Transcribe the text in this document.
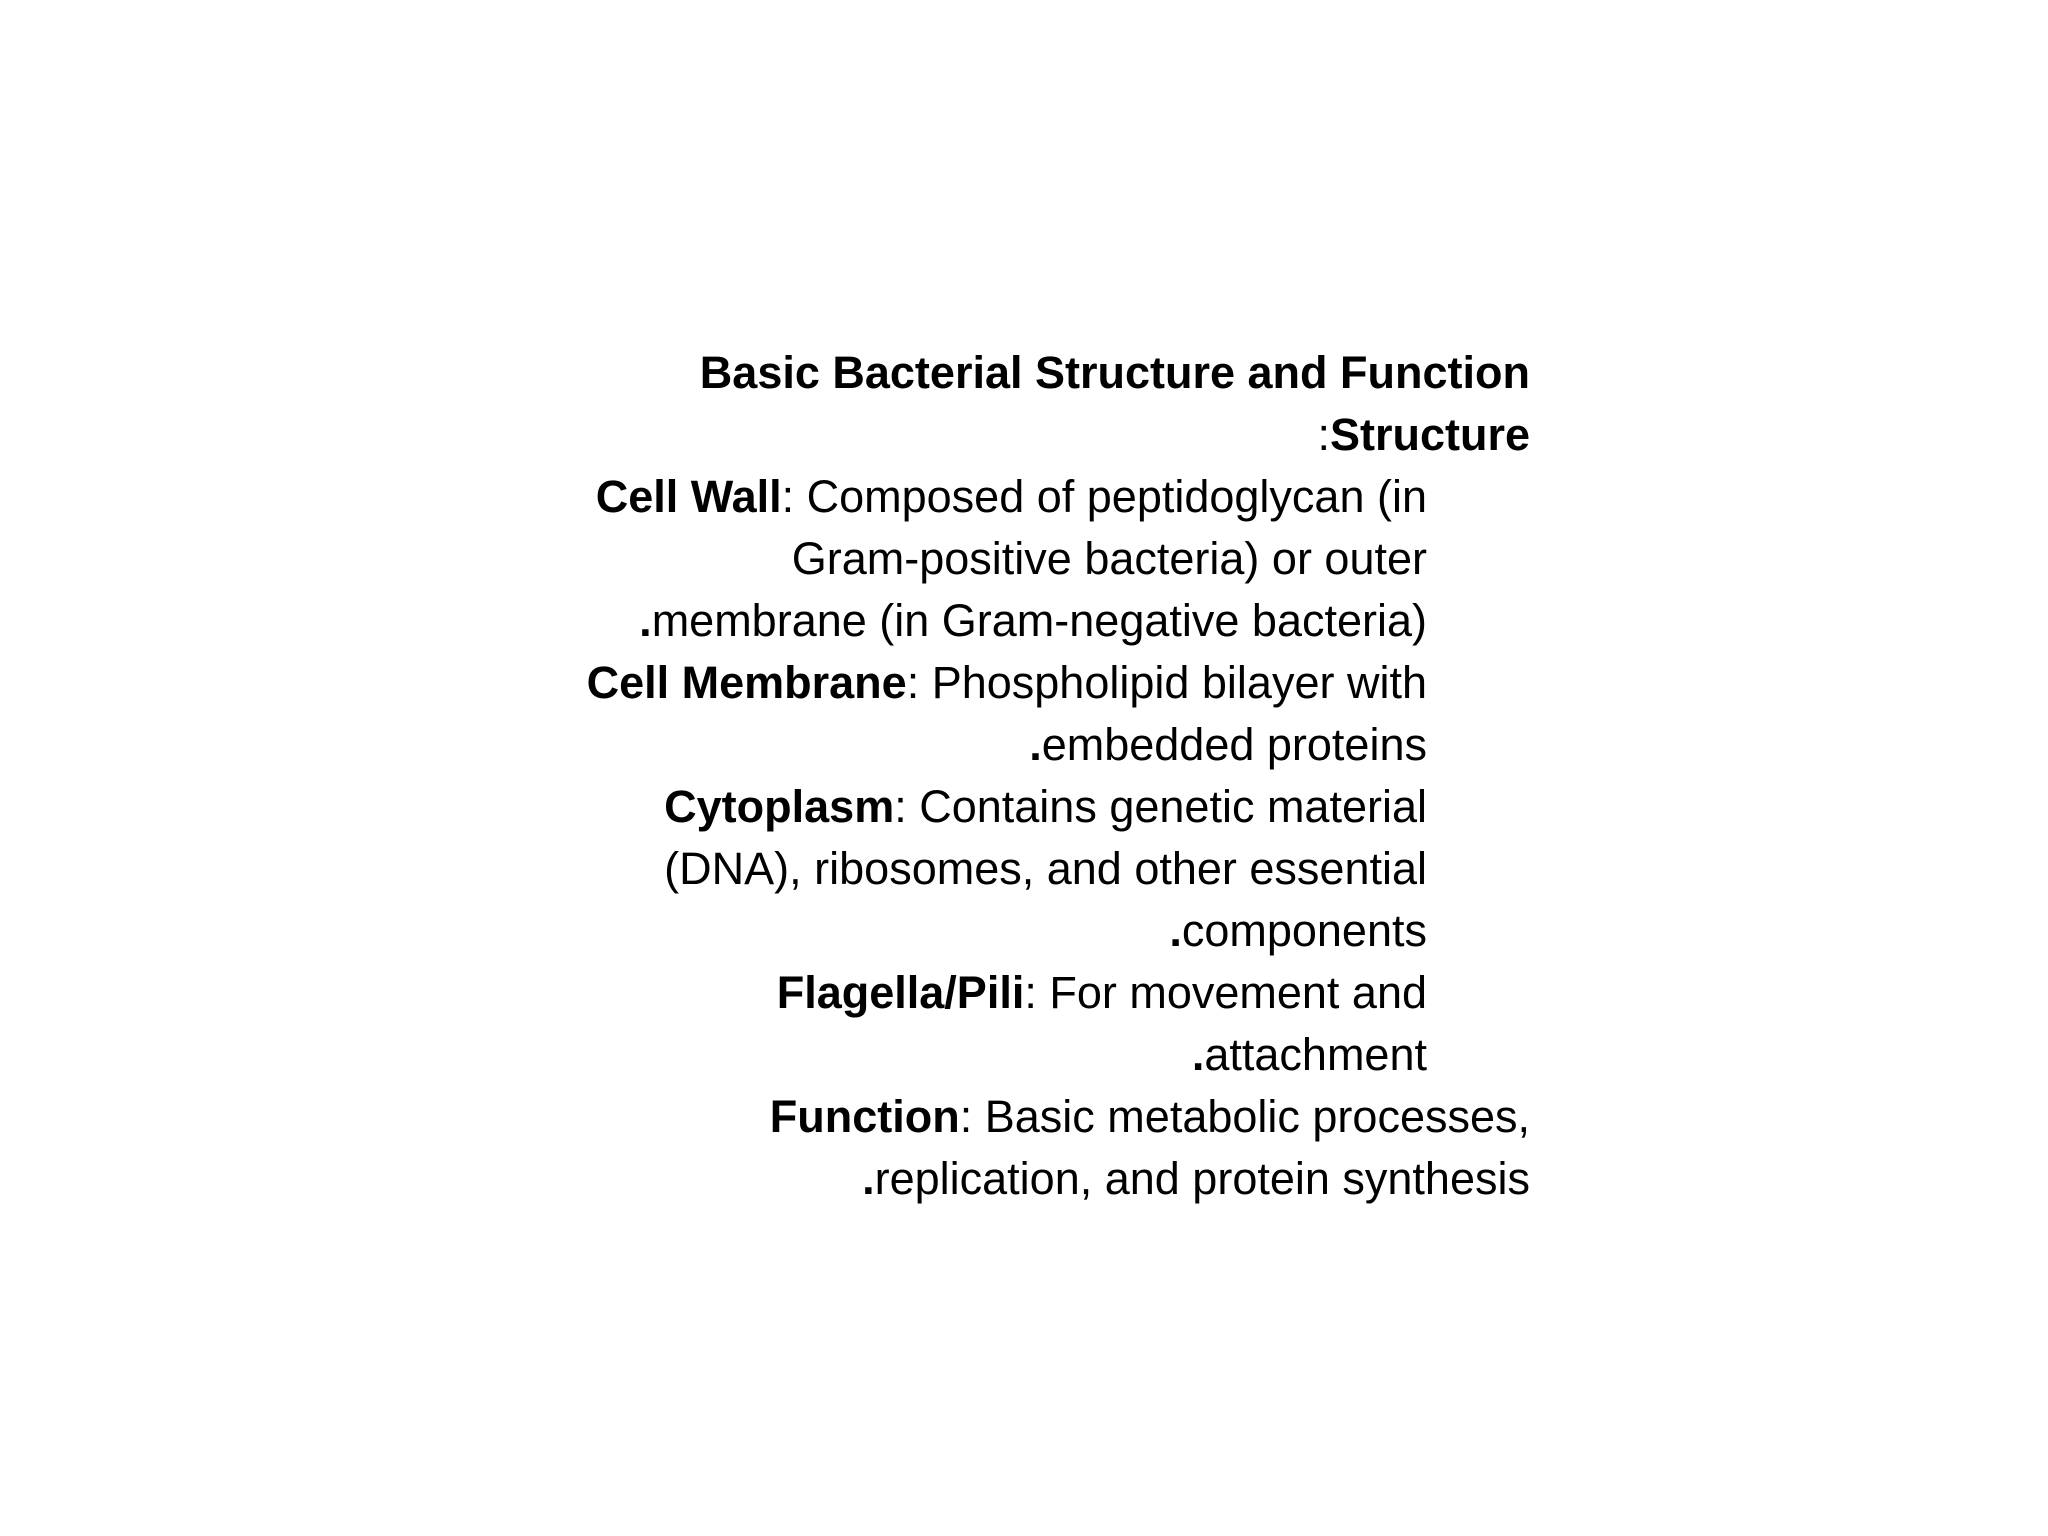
Basic Bacterial Structure and Function
:Structure
Cell Wall: Composed of peptidoglycan (in
Gram-positive bacteria) or outer
.membrane (in Gram-negative bacteria)
Cell Membrane: Phospholipid bilayer with
.embedded proteins
Cytoplasm: Contains genetic material
(DNA), ribosomes, and other essential
.components
Flagella/Pili: For movement and
.attachment
Function: Basic metabolic processes,
.replication, and protein synthesis
